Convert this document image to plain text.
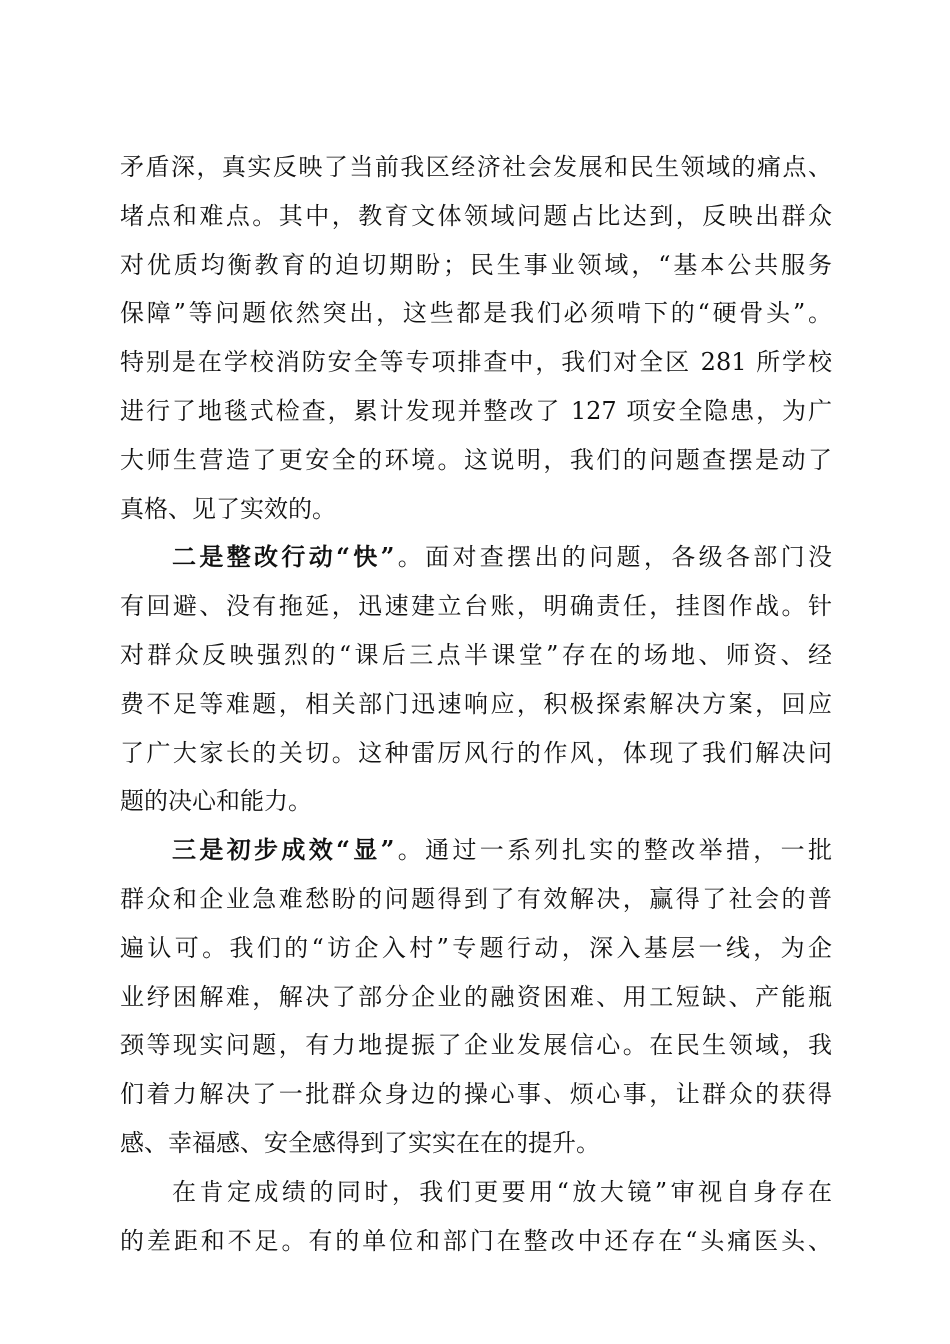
矛盾深，真实反映了当前我区经济社会发展和民生领域的痛点、
堵点和难点。其中，教育文体领域问题占比达到，反映出群众
对优质均衡教育的迫切期盼；民生事业领域，“基本公共服务
保障”等问题依然突出，这些都是我们必须啃下的“硬骨头”。
特别是在学校消防安全等专项排查中，我们对全区 281 所学校
进行了地毯式检查，累计发现并整改了 127 项安全隐患，为广
大师生营造了更安全的环境。这说明，我们的问题查摆是动了
真格、见了实效的。
二是整改行动“快”。面对查摆出的问题，各级各部门没
有回避、没有拖延，迅速建立台账，明确责任，挂图作战。针
对群众反映强烈的“课后三点半课堂”存在的场地、师资、经
费不足等难题，相关部门迅速响应，积极探索解决方案，回应
了广大家长的关切。这种雷厉风行的作风，体现了我们解决问
题的决心和能力。
三是初步成效“显”。通过一系列扎实的整改举措，一批
群众和企业急难愁盼的问题得到了有效解决，赢得了社会的普
遍认可。我们的“访企入村”专题行动，深入基层一线，为企
业纾困解难，解决了部分企业的融资困难、用工短缺、产能瓶
颈等现实问题，有力地提振了企业发展信心。在民生领域，我
们着力解决了一批群众身边的操心事、烦心事，让群众的获得
感、幸福感、安全感得到了实实在在的提升。
在肯定成绩的同时，我们更要用“放大镜”审视自身存在
的差距和不足。有的单位和部门在整改中还存在“头痛医头、
